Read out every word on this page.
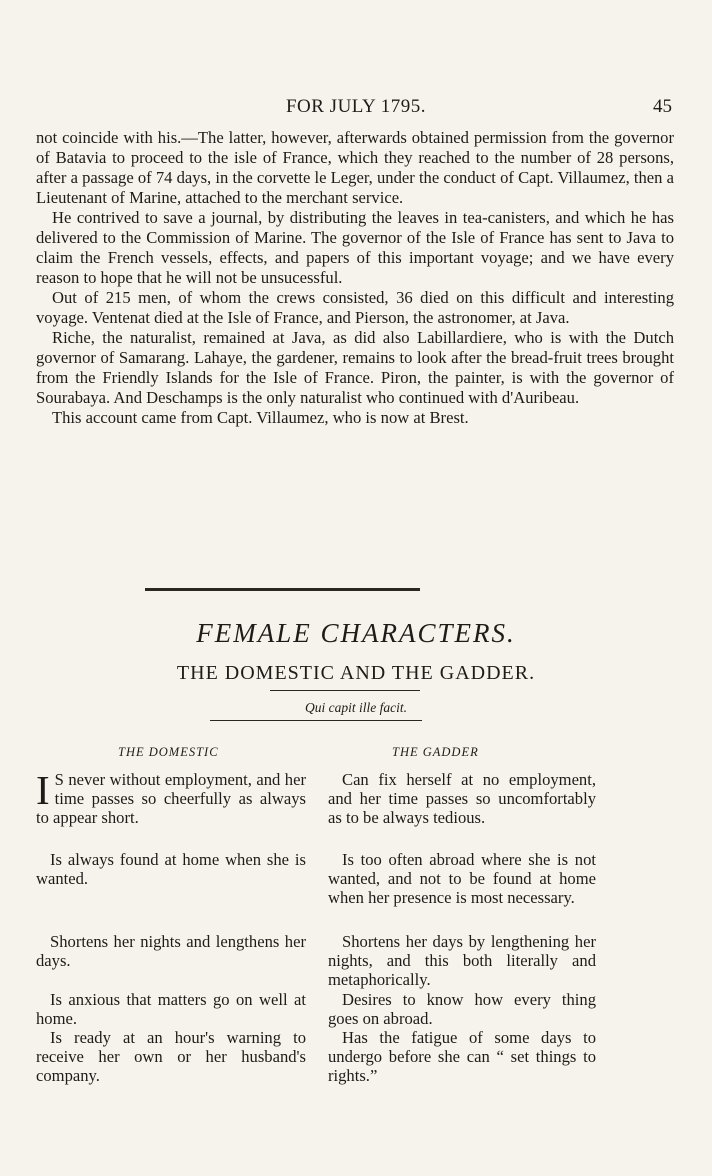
FOR JULY 1795.	45

not coincide with his.—The latter, however, afterwards obtained permission from the governor of Batavia to proceed to the isle of France, which they reached to the number of 28 persons, after a passage of 74 days, in the corvette le Leger, under the conduct of Capt. Villaumez, then a Lieutenant of Marine, attached to the merchant service.

He contrived to save a journal, by distributing the leaves in tea-canisters, and which he has delivered to the Commission of Marine. The governor of the Isle of France has sent to Java to claim the French vessels, effects, and papers of this important voyage; and we have every reason to hope that he will not be unsucessful.

Out of 215 men, of whom the crews consisted, 36 died on this difficult and interesting voyage. Ventenat died at the Isle of France, and Pierson, the astronomer, at Java.

Riche, the naturalist, remained at Java, as did also Labillardiere, who is with the Dutch governor of Samarang. Lahaye, the gardener, remains to look after the bread-fruit trees brought from the Friendly Islands for the Isle of France. Piron, the painter, is with the governor of Sourabaya. And Deschamps is the only naturalist who continued with d'Auribeau.

This account came from Capt. Villaumez, who is now at Brest.

FEMALE CHARACTERS.
THE DOMESTIC AND THE GADDER.
Qui capit ille facit.
THE DOMESTIC	THE GADDER

I S never without employment, and her time passes so cheerfully as always to appear short.

Is always found at home when she is wanted.

Shortens her nights and lengthens her days.

Is anxious that matters go on well at home.

Is ready at an hour's warning to receive her own or her husband's company.

Can fix herself at no employment, and her time passes so uncomfortably as to be always tedious.

Is too often abroad where she is not wanted, and not to be found at home when her presence is most necessary.

Shortens her days by lengthening her nights, and this both literally and metaphorically.

Desires to know how every thing goes on abroad.

Has the fatigue of some days to undergo before she can “ set things to rights.”
